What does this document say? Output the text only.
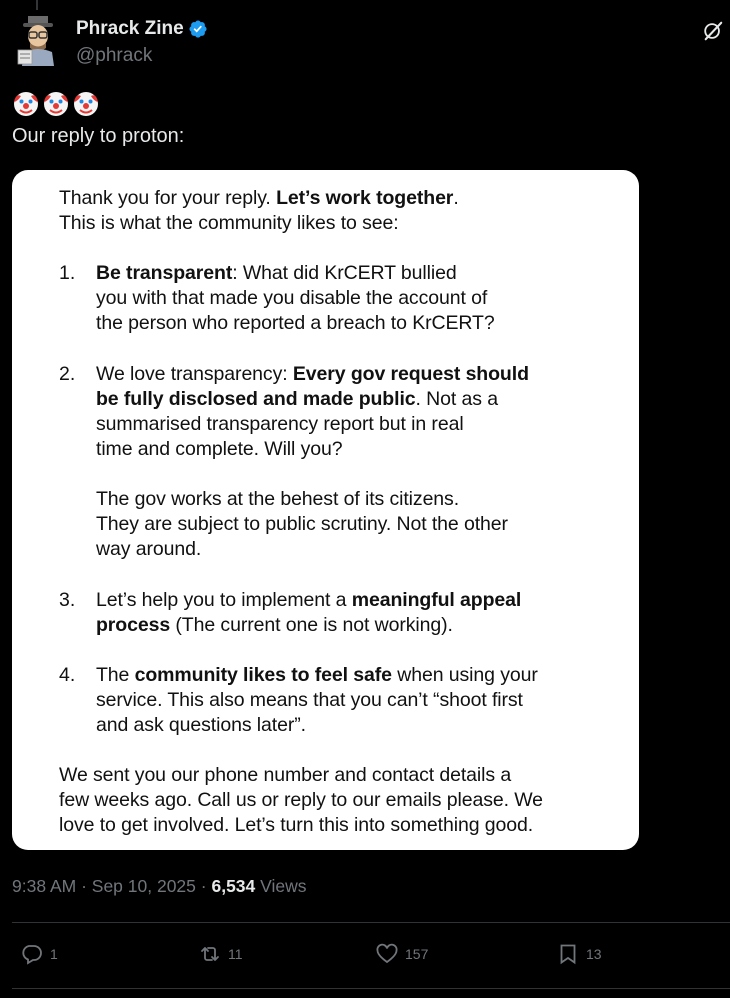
Phrack Zine
@phrack
Our reply to proton:
Thank you for your reply. Let’s work together.
This is what the community likes to see:
1. Be transparent: What did KrCERT bullied
you with that made you disable the account of
the person who reported a breach to KrCERT?
2. We love transparency: Every gov request should
be fully disclosed and made public. Not as a
summarised transparency report but in real
time and complete. Will you?
The gov works at the behest of its citizens.
They are subject to public scrutiny. Not the other
way around.
3. Let’s help you to implement a meaningful appeal
process (The current one is not working).
4. The community likes to feel safe when using your
service. This also means that you can’t “shoot first
and ask questions later”.
We sent you our phone number and contact details a
few weeks ago. Call us or reply to our emails please. We
love to get involved. Let’s turn this into something good.
9:38 AM · Sep 10, 2025 · 6,534 Views
1	11	157	13
